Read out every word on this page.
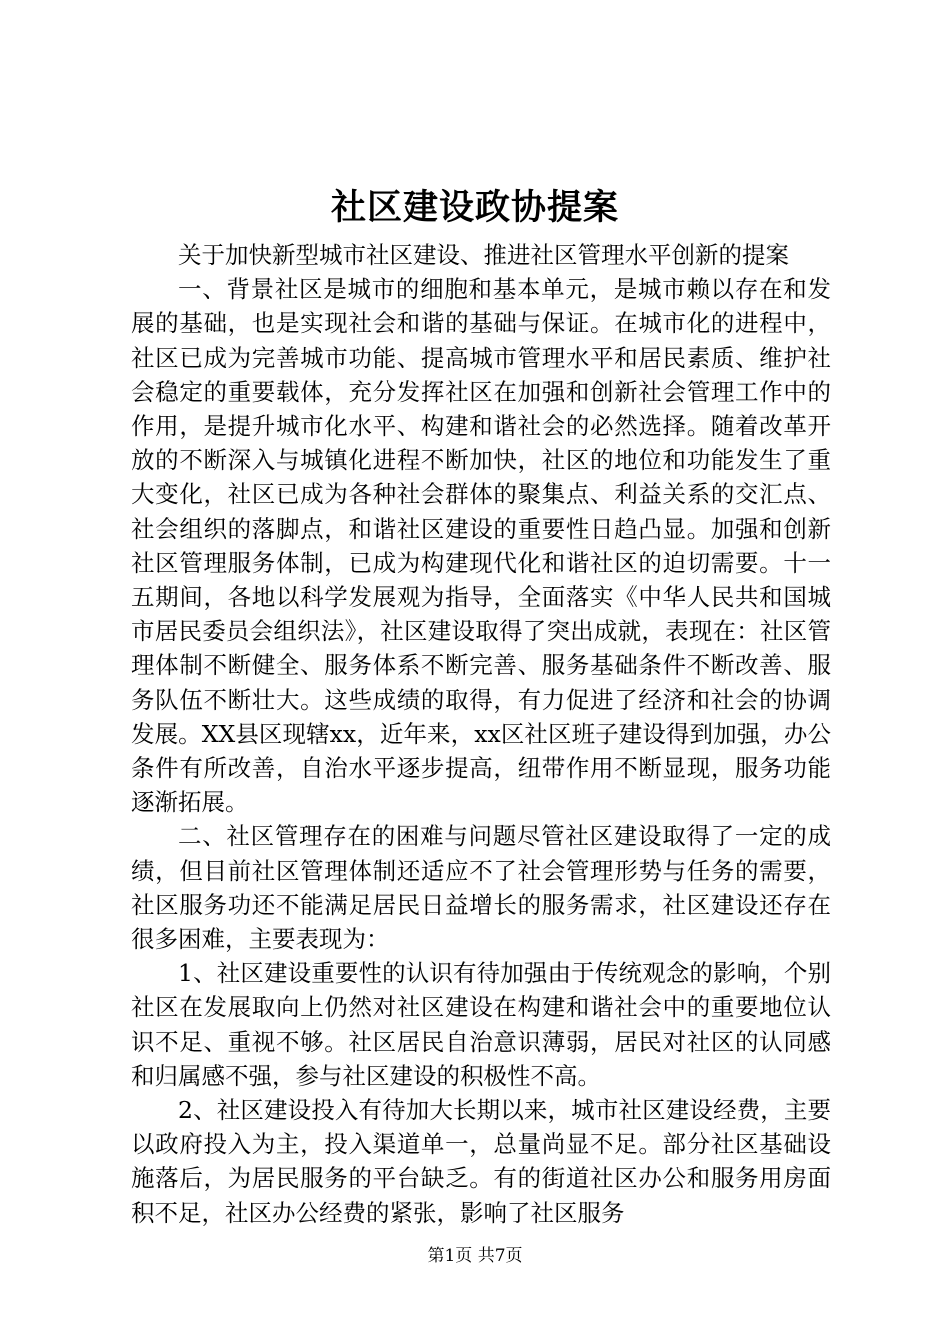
社区建设政协提案

关于加快新型城市社区建设、推进社区管理水平创新的提案

一、背景社区是城市的细胞和基本单元，是城市赖以存在和发展的基础，也是实现社会和谐的基础与保证。在城市化的进程中，社区已成为完善城市功能、提高城市管理水平和居民素质、维护社会稳定的重要载体，充分发挥社区在加强和创新社会管理工作中的作用，是提升城市化水平、构建和谐社会的必然选择。随着改革开放的不断深入与城镇化进程不断加快，社区的地位和功能发生了重大变化，社区已成为各种社会群体的聚集点、利益关系的交汇点、社会组织的落脚点，和谐社区建设的重要性日趋凸显。加强和创新社区管理服务体制，已成为构建现代化和谐社区的迫切需要。十一五期间，各地以科学发展观为指导，全面落实《中华人民共和国城市居民委员会组织法》，社区建设取得了突出成就，表现在：社区管理体制不断健全、服务体系不断完善、服务基础条件不断改善、服务队伍不断壮大。这些成绩的取得，有力促进了经济和社会的协调发展。XX县区现辖xx，近年来，xx区社区班子建设得到加强，办公条件有所改善，自治水平逐步提高，纽带作用不断显现，服务功能逐渐拓展。

二、社区管理存在的困难与问题尽管社区建设取得了一定的成绩，但目前社区管理体制还适应不了社会管理形势与任务的需要，社区服务功还不能满足居民日益增长的服务需求，社区建设还存在很多困难，主要表现为：

1、社区建设重要性的认识有待加强由于传统观念的影响，个别社区在发展取向上仍然对社区建设在构建和谐社会中的重要地位认识不足、重视不够。社区居民自治意识薄弱，居民对社区的认同感和归属感不强，参与社区建设的积极性不高。

2、社区建设投入有待加大长期以来，城市社区建设经费，主要以政府投入为主，投入渠道单一，总量尚显不足。部分社区基础设施落后，为居民服务的平台缺乏。有的街道社区办公和服务用房面积不足，社区办公经费的紧张，影响了社区服务

第1页 共7页
